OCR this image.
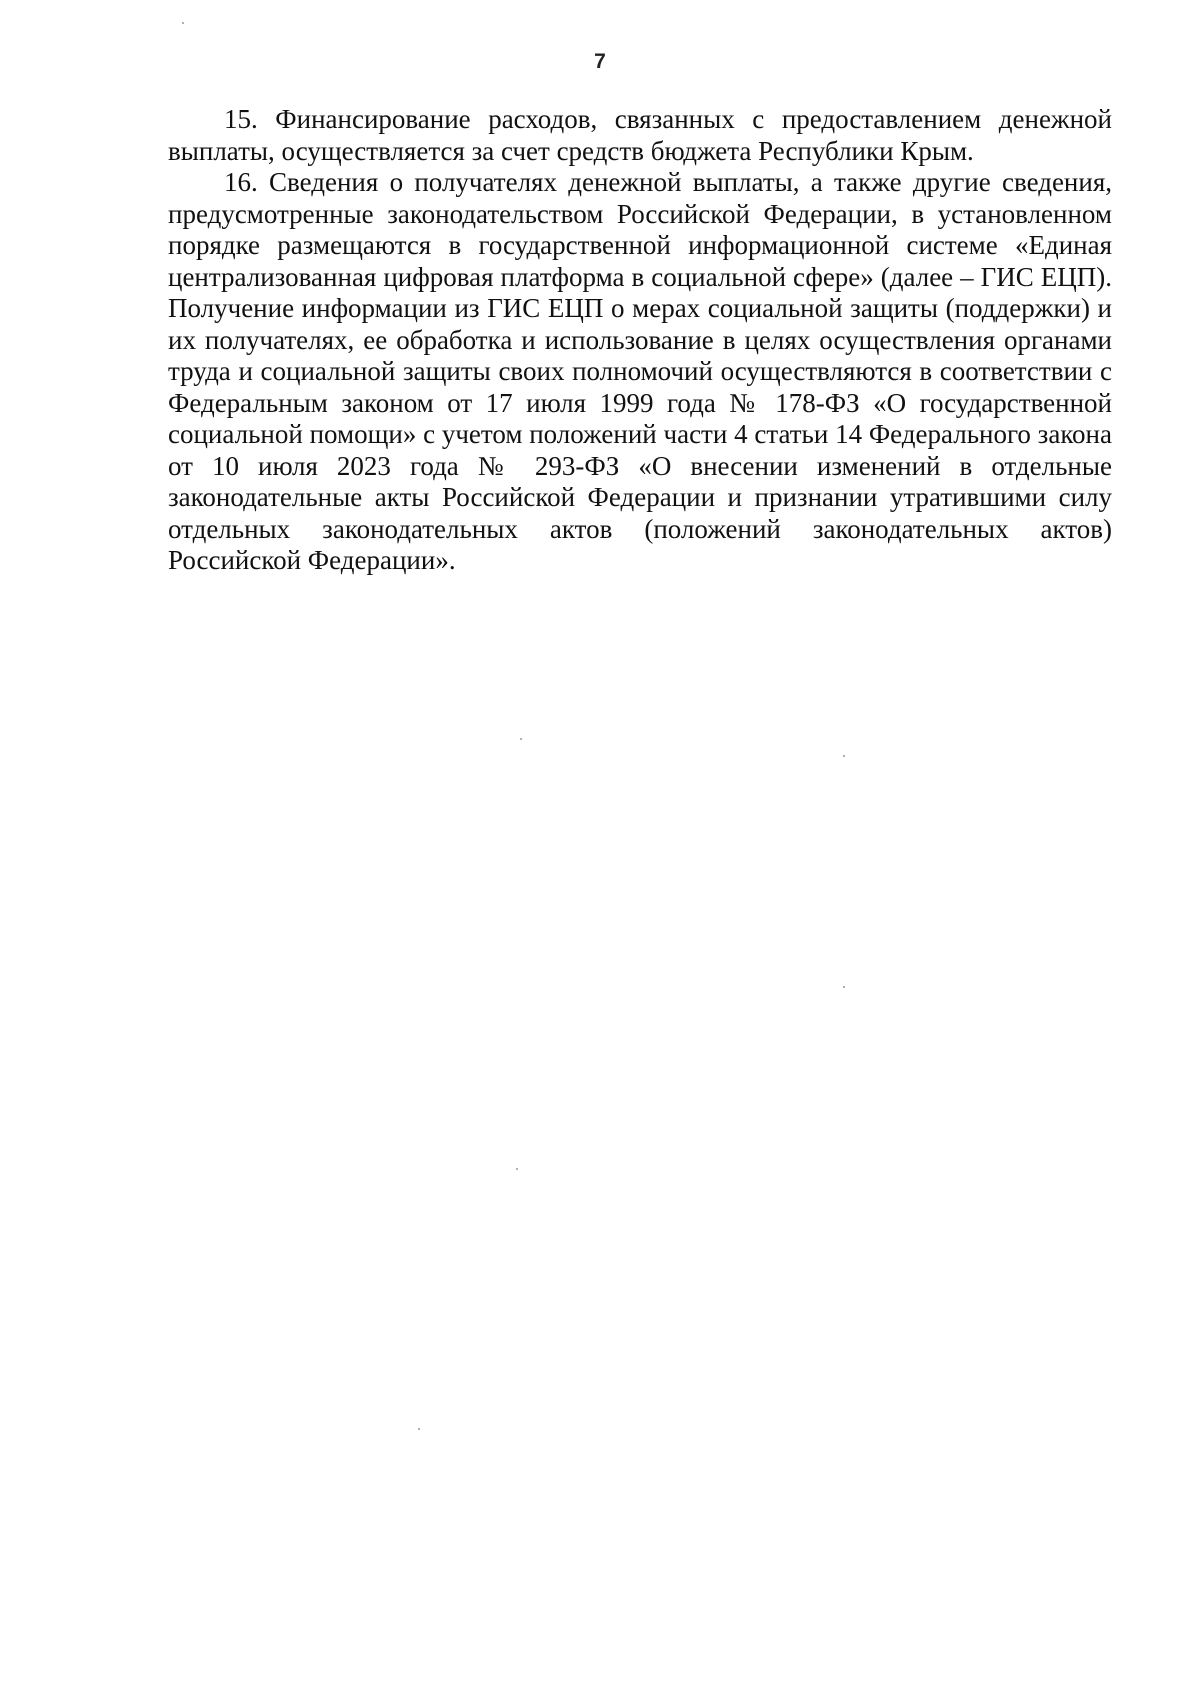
7

15. Финансирование расходов, связанных с предоставлением денежной выплаты, осуществляется за счет средств бюджета Республики Крым.

16. Сведения о получателях денежной выплаты, а также другие сведения, предусмотренные законодательством Российской Федерации, в установленном порядке размещаются в государственной информационной системе «Единая централизованная цифровая платформа в социальной сфере» (далее – ГИС ЕЦП). Получение информации из ГИС ЕЦП о мерах социальной защиты (поддержки) и их получателях, ее обработка и использование в целях осуществления органами труда и социальной защиты своих полномочий осуществляются в соответствии с Федеральным законом от 17 июля 1999 года № 178-ФЗ «О государственной социальной помощи» с учетом положений части 4 статьи 14 Федерального закона от 10 июля 2023 года № 293-ФЗ «О внесении изменений в отдельные законодательные акты Российской Федерации и признании утратившими силу отдельных законодательных актов (положений законодательных актов) Российской Федерации».
